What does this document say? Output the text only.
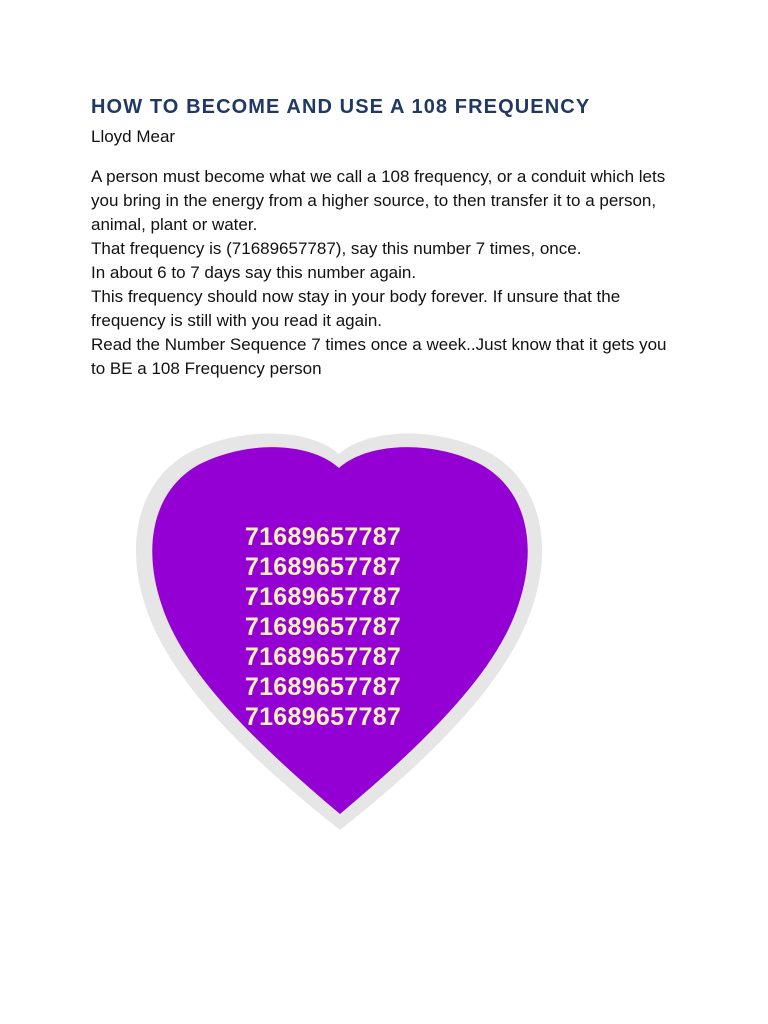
HOW TO BECOME AND USE A 108 FREQUENCY
Lloyd Mear

A person must become what we call a 108 frequency, or a conduit which lets you bring in the energy from a higher source, to then transfer it to a person, animal, plant or water.

That frequency is (71689657787), say this number 7 times, once.

In about 6 to 7 days say this number again.

This frequency should now stay in your body forever. If unsure that the frequency is still with you read it again.

Read the Number Sequence 7 times once a week..Just know that it gets you to BE a 108 Frequency person

71689657787
71689657787
71689657787
71689657787
71689657787
71689657787
71689657787
